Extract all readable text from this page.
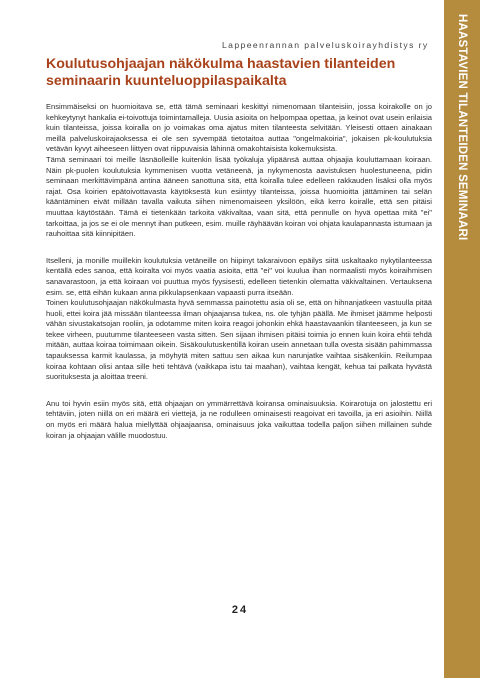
HAASTAVIEN TILANTEIDEN SEMINAARI
Lappeenrannan palveluskoirayhdistys ry
Koulutusohjaajan näkökulma haastavien tilanteiden seminaarin kuunteluoppilaspaikalta

Ensimmäiseksi on huomioitava se, että tämä seminaari keskittyi nimenomaan tilanteisiin, jossa koirakolle on jo kehkeytynyt hankalia ei-toivottuja toimintamalleja. Uusia asioita on helpompaa opettaa, ja keinot ovat usein erilaisia kuin tilanteissa, joissa koiralla on jo voimakas oma ajatus miten tilanteesta selvitään. Yleisesti ottaen ainakaan meillä palveluskoirajaoksessa ei ole sen syvempää tietotaitoa auttaa "ongelmakoiria", jokaisen pk-koulutuksia vetävän kyvyt aiheeseen liittyen ovat riippuvaisia lähinnä omakohtaisista kokemuksista.

Tämä seminaari toi meille läsnäolleille kuitenkin lisää työkaluja ylipäänsä auttaa ohjaajia kouluttamaan koiraan. Näin pk-puolen koulutuksia kymmenisen vuotta vetäneenä, ja nykymenosta aavistuksen huolestuneena, pidin seminaan merkittävimpänä antina ääneen sanottuna sitä, että koiralla tulee edelleen rakkauden lisäksi olla myös rajat. Osa koirien epätoivottavasta käytöksestä kun esiintyy tilanteissa, joissa huomioitta jättäminen tai selän kääntäminen eivät millään tavalla vaikuta siihen nimenomaiseen yksilöön, eikä kerro koiralle, että sen pitäisi muuttaa käytöstään. Tämä ei tietenkään tarkoita väkivaltaa, vaan sitä, että pennulle on hyvä opettaa mitä "ei" tarkoittaa, ja jos se ei ole mennyt ihan putkeen, esim. muille räyhäävän koiran voi ohjata kaulapannasta istumaan ja rauhoittaa sitä kiinnipitäen.

Itselleni, ja monille muillekin koulutuksia vetäneille on hiipinyt takaraivoon epäilys siitä uskaltaako nykytilanteessa kentällä edes sanoa, että koiralta voi myös vaatia asioita, että "ei" voi kuulua ihan normaalisti myös koiraihmisen sanavarastoon, ja että koiraan voi puuttua myös fyysisesti, edelleen tietenkin olematta väkivaltainen. Vertauksena esim. se, että eihän kukaan anna pikkulapsenkaan vapaasti purra itseään.

Toinen koulutusohjaajan näkökulmasta hyvä semmassa painotettu asia oli se, että on hihnanjatkeen vastuulla pitää huoli, ettei koira jää missään tilanteessa ilman ohjaajansa tukea, ns. ole tyhjän päällä. Me ihmiset jäämme helposti vähän sivustakatsojan rooliin, ja odotamme miten koira reagoi johonkin ehkä haastavaankin tilanteeseen, ja kun se tekee virheen, puutumme tilanteeseen vasta sitten. Sen sijaan ihmisen pitäisi toimia jo ennen kuin koira ehtii tehdä mitään, auttaa koiraa toimimaan oikein. Sisäkoulutuskentillä koiran usein annetaan tulla ovesta sisään pahimmassa tapauksessa karmit kaulassa, ja möyhytä miten sattuu sen aikaa kun narunjatke vaihtaa sisäkenkiin. Reilumpaa koiraa kohtaan olisi antaa sille heti tehtävä (vaikkapa istu tai maahan), vaihtaa kengät, kehua tai palkata hyvästä suorituksesta ja aloittaa treeni.

Anu toi hyvin esiin myös sitä, että ohjaajan on ymmärrettävä koiransa ominaisuuksia. Koirarotuja on jalostettu eri tehtäviin, joten niillä on eri määrä eri viettejä, ja ne rodulleen ominaisesti reagoivat eri tavoilla, ja eri asioihin. Niillä on myös eri määrä halua miellyttää ohjaajaansa, ominaisuus joka vaikuttaa todella paljon siihen millainen suhde koiran ja ohjaajan välille muodostuu.

24
